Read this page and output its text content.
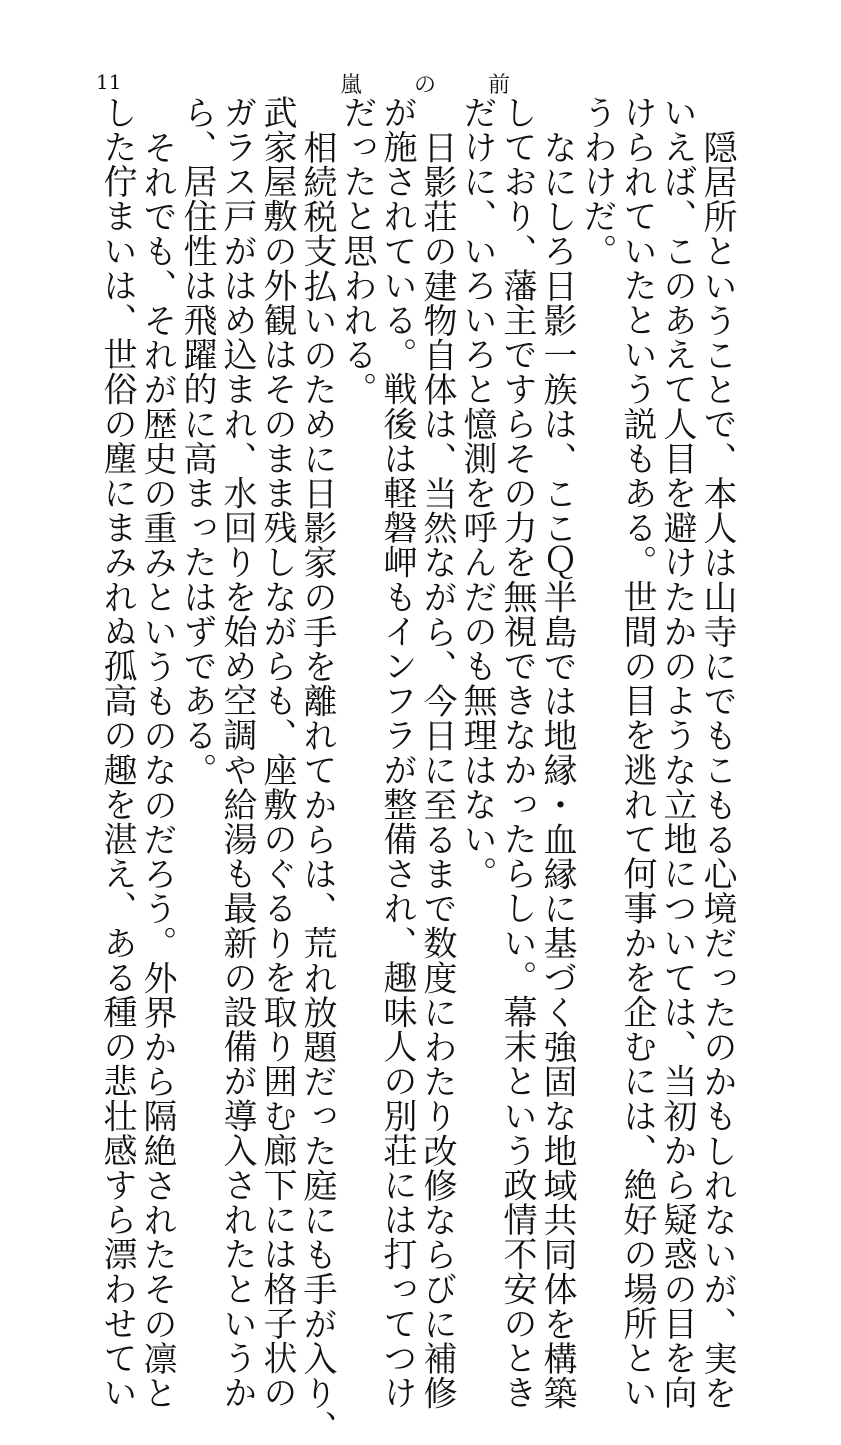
11	嵐 の 前
隠居所ということで、本人は山寺にでもこもる心境だったのかもしれないが、実を
いえば、このあえて人目を避けたかのような立地については、当初から疑惑の目を向
けられていたという説もある。世間の目を逃れて何事かを企むには、絶好の場所とい
うわけだ。
なにしろ日影一族は、ここＱ半島では地縁・血縁に基づく強固な地域共同体を構築
しており、藩主ですらその力を無視できなかったらしい。幕末という政情不安のとき
だけに、いろいろと憶測を呼んだのも無理はない。
日影荘の建物自体は、当然ながら、今日に至るまで数度にわたり改修ならびに補修
が施されている。戦後は軽磐岬もインフラが整備され、趣味人の別荘には打ってつけ
だったと思われる。
相続税支払いのために日影家の手を離れてからは、荒れ放題だった庭にも手が入り、
武家屋敷の外観はそのまま残しながらも、座敷のぐるりを取り囲む廊下には格子状の
ガラス戸がはめ込まれ、水回りを始め空調や給湯も最新の設備が導入されたというか
ら、居住性は飛躍的に高まったはずである。
それでも、それが歴史の重みというものなのだろう。外界から隔絶されたその凛と
した佇まいは、世俗の塵にまみれぬ孤高の趣を湛え、ある種の悲壮感すら漂わせてい
